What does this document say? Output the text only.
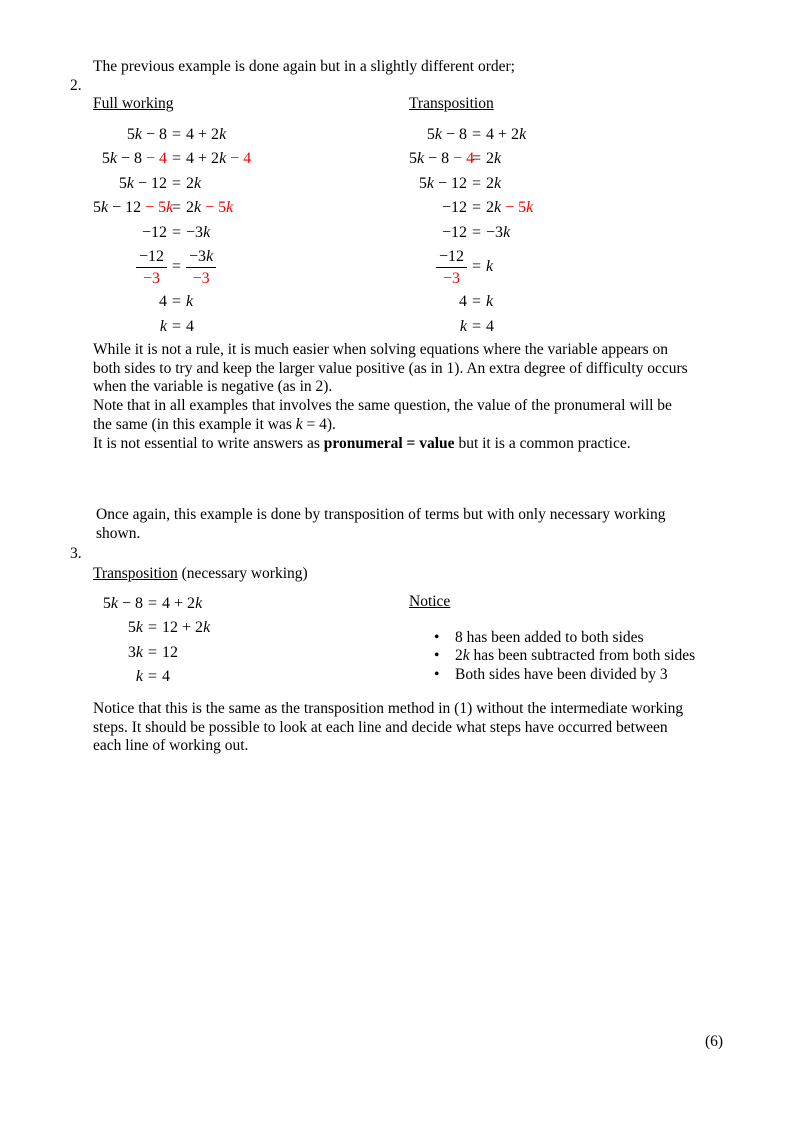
The previous example is done again but in a slightly different order;
2.
Full working
5k − 8 = 4 + 2k
5k − 8 − 4 = 4 + 2k − 4
5k − 12 = 2k
5k − 12 − 5k
= 2k − 5k
−12 = −3k
$\frac{-12}{-3} = \frac{-3k}{-3}$
4 = k
k = 4
Transposition
5k − 8 = 4 + 2k
5k − 8 − 4
= 2k
5k − 12 = 2k
−12 = 2k − 5k
−12 = −3k
$\frac{-12}{-3} = k$
4 = k
k = 4
While it is not a rule, it is much easier when solving equations where the variable appears on
both sides to try and keep the larger value positive (as in 1). An extra degree of difficulty occurs
when the variable is negative (as in 2).
Note that in all examples that involves the same question, the value of the pronumeral will be
the same (in this example it was k = 4).
It is not essential to write answers as pronumeral = value but it is a common practice.
Once again, this example is done by transposition of terms but with only necessary working
shown.
3.
Transposition (necessary working)
5k − 8 = 4 + 2k
5k = 12 + 2k
3k = 12
k = 4
Notice
• 8 has been added to both sides
• 2k has been subtracted from both sides
• Both sides have been divided by 3
Notice that this is the same as the transposition method in (1) without the intermediate working
steps. It should be possible to look at each line and decide what steps have occurred between
each line of working out.
(6)
